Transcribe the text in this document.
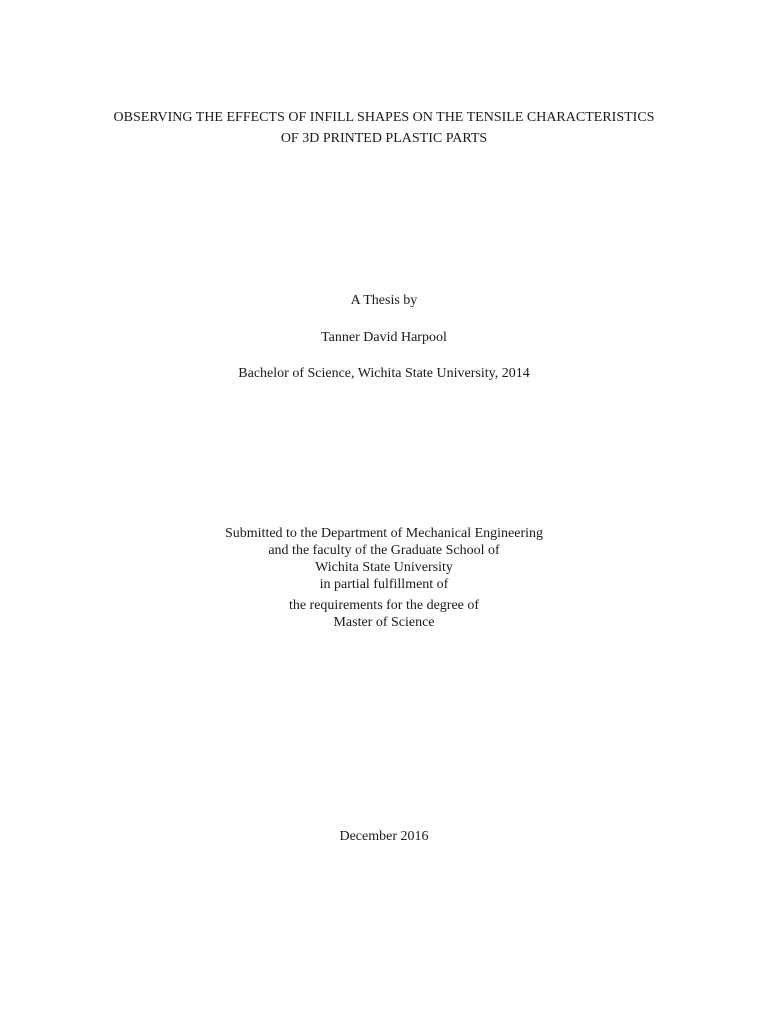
OBSERVING THE EFFECTS OF INFILL SHAPES ON THE TENSILE CHARACTERISTICS
OF 3D PRINTED PLASTIC PARTS
A Thesis by
Tanner David Harpool
Bachelor of Science, Wichita State University, 2014
Submitted to the Department of Mechanical Engineering
and the faculty of the Graduate School of
Wichita State University
in partial fulfillment of
the requirements for the degree of
Master of Science
December 2016
